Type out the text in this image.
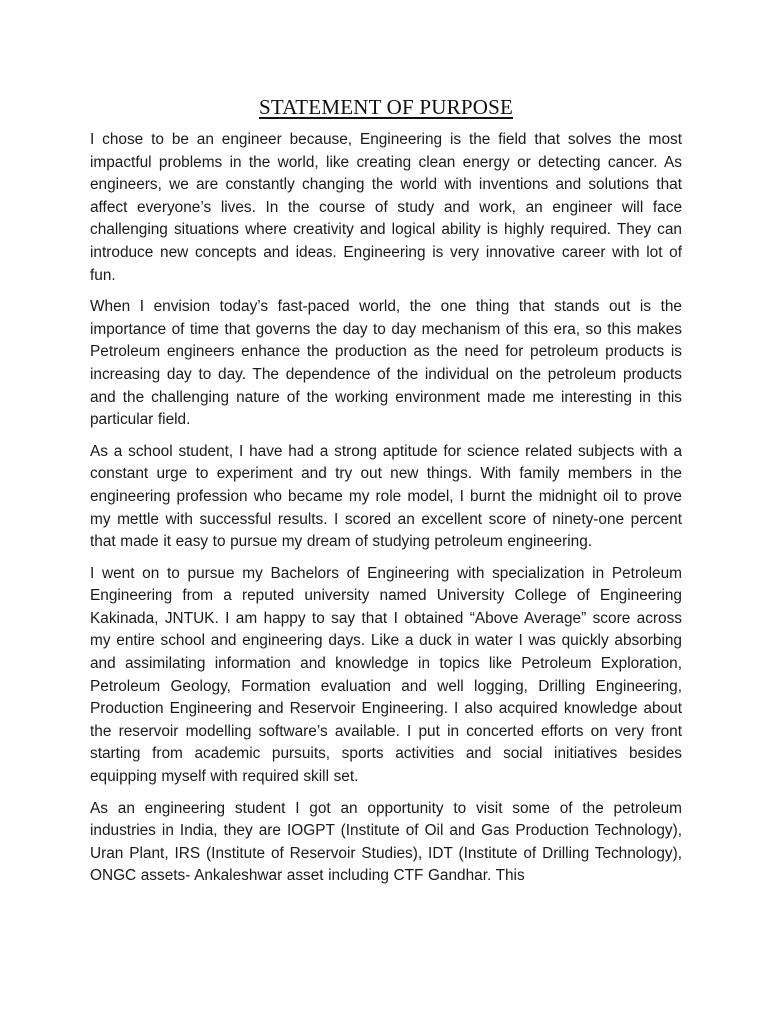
STATEMENT OF PURPOSE

I chose to be an engineer because, Engineering is the field that solves the most impactful problems in the world, like creating clean energy or detecting cancer. As engineers, we are constantly changing the world with inventions and solutions that affect everyone’s lives. In the course of study and work, an engineer will face challenging situations where creativity and logical ability is highly required. They can introduce new concepts and ideas. Engineering is very innovative career with lot of fun.

When I envision today’s fast-paced world, the one thing that stands out is the importance of time that governs the day to day mechanism of this era, so this makes Petroleum engineers enhance the production as the need for petroleum products is increasing day to day. The dependence of the individual on the petroleum products and the challenging nature of the working environment made me interesting in this particular field.

As a school student, I have had a strong aptitude for science related subjects with a constant urge to experiment and try out new things. With family members in the engineering profession who became my role model, I burnt the midnight oil to prove my mettle with successful results. I scored an excellent score of ninety-one percent that made it easy to pursue my dream of studying petroleum engineering.

I went on to pursue my Bachelors of Engineering with specialization in Petroleum Engineering from a reputed university named University College of Engineering Kakinada, JNTUK. I am happy to say that I obtained “Above Average” score across my entire school and engineering days. Like a duck in water I was quickly absorbing and assimilating information and knowledge in topics like Petroleum Exploration, Petroleum Geology, Formation evaluation and well logging, Drilling Engineering, Production Engineering and Reservoir Engineering. I also acquired knowledge about the reservoir modelling software’s available. I put in concerted efforts on very front starting from academic pursuits, sports activities and social initiatives besides equipping myself with required skill set.

As an engineering student I got an opportunity to visit some of the petroleum industries in India, they are IOGPT (Institute of Oil and Gas Production Technology), Uran Plant, IRS (Institute of Reservoir Studies), IDT (Institute of Drilling Technology), ONGC assets- Ankaleshwar asset including CTF Gandhar. This
